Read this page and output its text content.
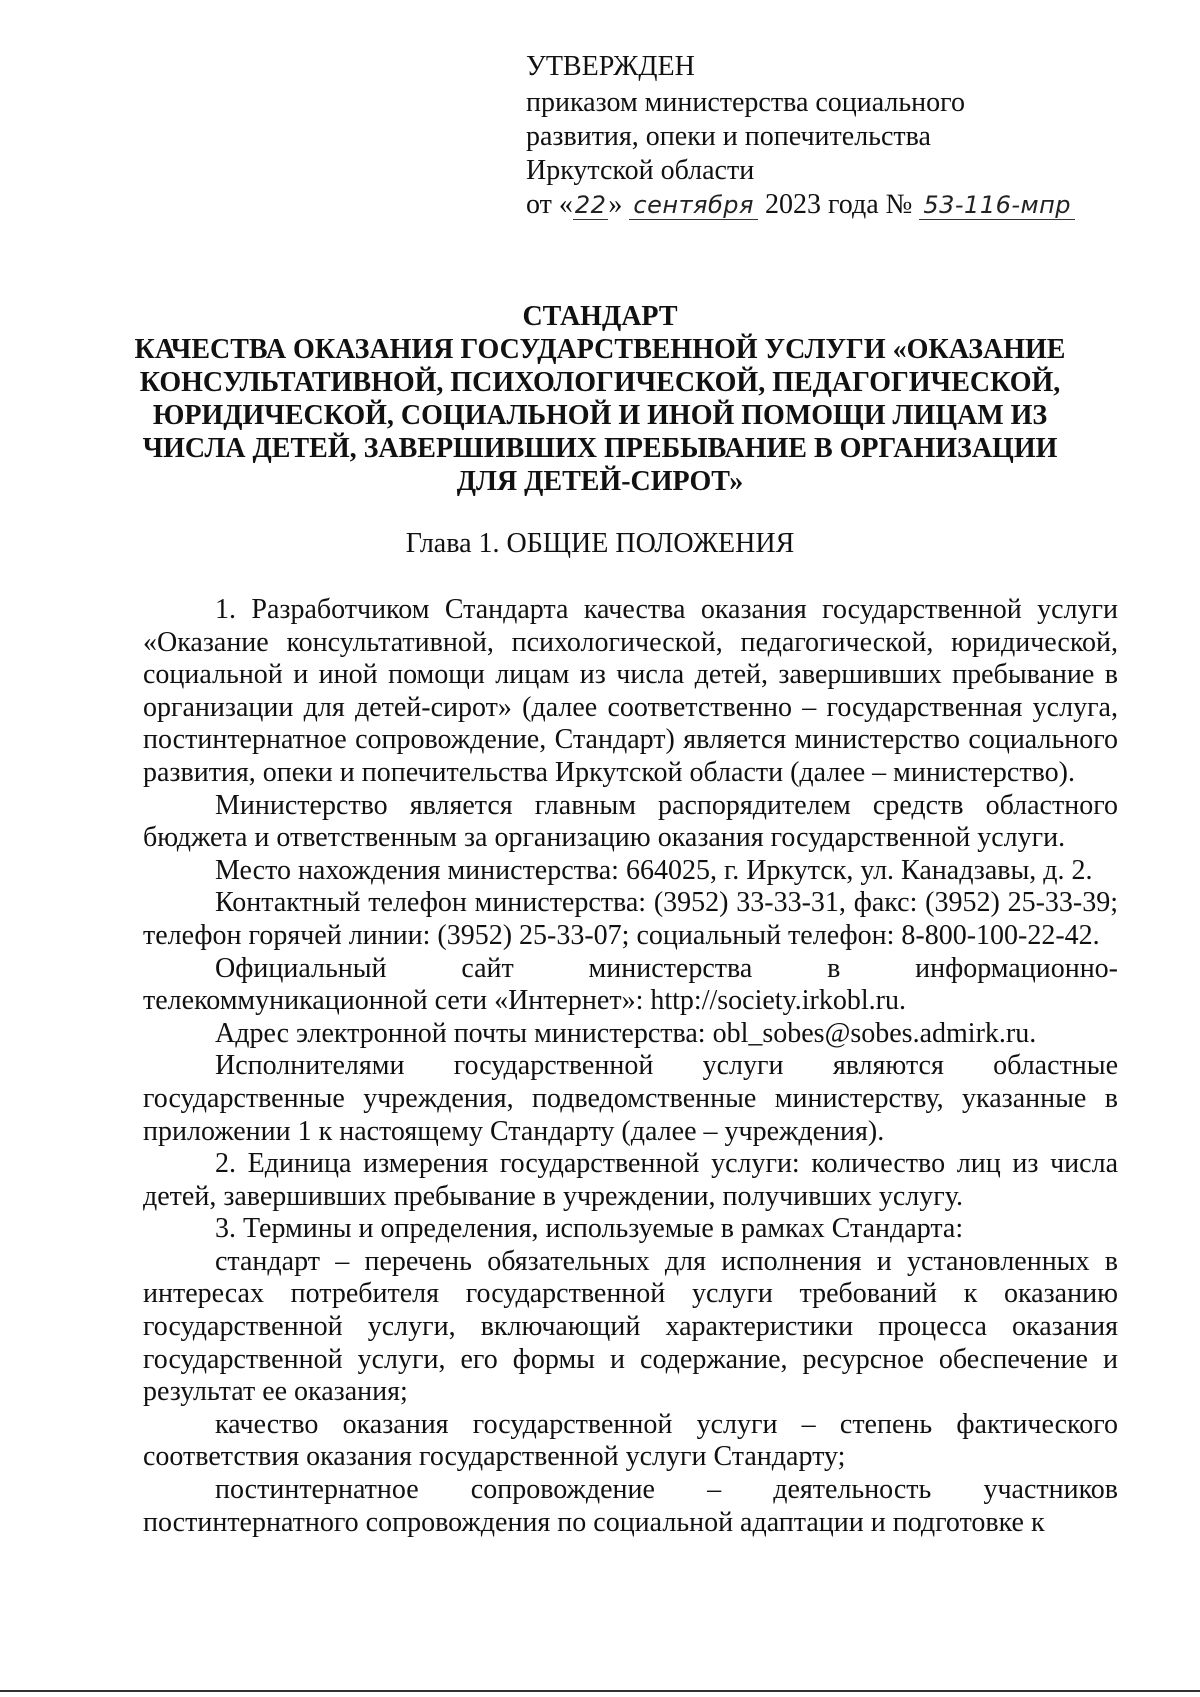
УТВЕРЖДЕН
приказом министерства социального
развития, опеки и попечительства
Иркутской области
от «22» сентября 2023 года № 53-116-мпр
СТАНДАРТ
КАЧЕСТВА ОКАЗАНИЯ ГОСУДАРСТВЕННОЙ УСЛУГИ «ОКАЗАНИЕ
КОНСУЛЬТАТИВНОЙ, ПСИХОЛОГИЧЕСКОЙ, ПЕДАГОГИЧЕСКОЙ,
ЮРИДИЧЕСКОЙ, СОЦИАЛЬНОЙ И ИНОЙ ПОМОЩИ ЛИЦАМ ИЗ
ЧИСЛА ДЕТЕЙ, ЗАВЕРШИВШИХ ПРЕБЫВАНИЕ В ОРГАНИЗАЦИИ
ДЛЯ ДЕТЕЙ-СИРОТ»
Глава 1. ОБЩИЕ ПОЛОЖЕНИЯ

1. Разработчиком Стандарта качества оказания государственной услуги «Оказание консультативной, психологической, педагогической, юридической, социальной и иной помощи лицам из числа детей, завершивших пребывание в организации для детей-сирот» (далее соответственно – государственная услуга, постинтернатное сопровождение, Стандарт) является министерство социального развития, опеки и попечительства Иркутской области (далее – министерство).

Министерство является главным распорядителем средств областного бюджета и ответственным за организацию оказания государственной услуги.

Место нахождения министерства: 664025, г. Иркутск, ул. Канадзавы, д. 2.

Контактный телефон министерства: (3952) 33-33-31, факс: (3952) 25-33-39; телефон горячей линии: (3952) 25-33-07; социальный телефон: 8-800-100-22-42.

Официальный сайт министерства в информационно-телекоммуникационной сети «Интернет»: http://society.irkobl.ru.

Адрес электронной почты министерства: obl_sobes@sobes.admirk.ru.

Исполнителями государственной услуги являются областные государственные учреждения, подведомственные министерству, указанные в приложении 1 к настоящему Стандарту (далее – учреждения).

2. Единица измерения государственной услуги: количество лиц из числа детей, завершивших пребывание в учреждении, получивших услугу.

3. Термины и определения, используемые в рамках Стандарта:

стандарт – перечень обязательных для исполнения и установленных в интересах потребителя государственной услуги требований к оказанию государственной услуги, включающий характеристики процесса оказания государственной услуги, его формы и содержание, ресурсное обеспечение и результат ее оказания;

качество оказания государственной услуги – степень фактического соответствия оказания государственной услуги Стандарту;

постинтернатное сопровождение – деятельность участников постинтернатного сопровождения по социальной адаптации и подготовке к
